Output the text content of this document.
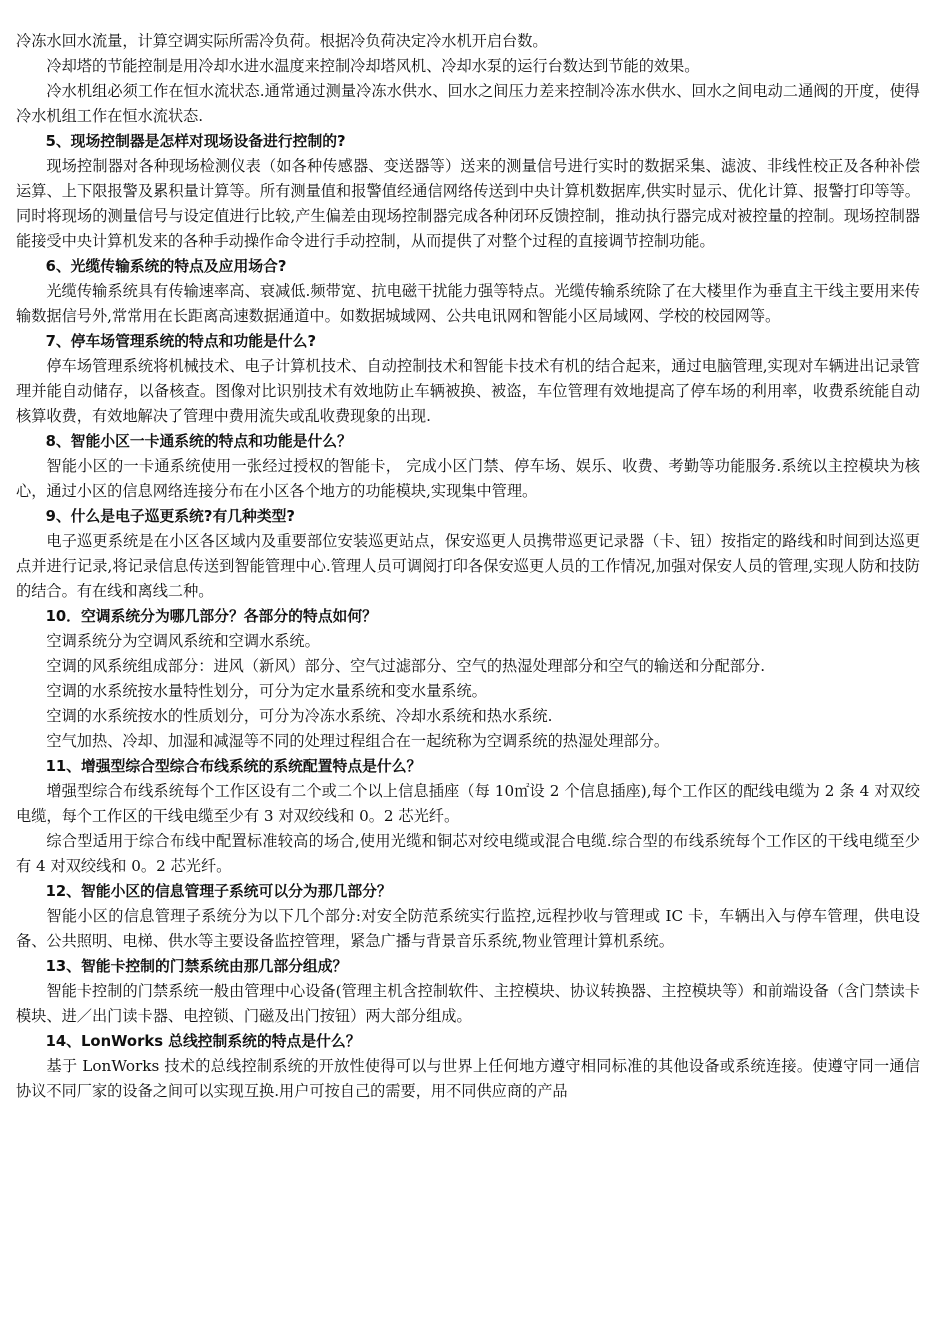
冷冻水回水流量，计算空调实际所需冷负荷。根据冷负荷决定冷水机开启台数。

冷却塔的节能控制是用冷却水进水温度来控制冷却塔风机、冷却水泵的运行台数达到节能的效果。

冷水机组必须工作在恒水流状态.通常通过测量冷冻水供水、回水之间压力差来控制冷冻水供水、回水之间电动二通阀的开度，使得冷水机组工作在恒水流状态.

5、现场控制器是怎样对现场设备进行控制的?

现场控制器对各种现场检测仪表（如各种传感器、变送器等）送来的测量信号进行实时的数据采集、滤波、非线性校正及各种补偿运算、上下限报警及累积量计算等。所有测量值和报警值经通信网络传送到中央计算机数据库,供实时显示、优化计算、报警打印等等。同时将现场的测量信号与设定值进行比较,产生偏差由现场控制器完成各种闭环反馈控制，推动执行器完成对被控量的控制。现场控制器能接受中央计算机发来的各种手动操作命令进行手动控制，从而提供了对整个过程的直接调节控制功能。

6、光缆传输系统的特点及应用场合?

光缆传输系统具有传输速率高、衰减低.频带宽、抗电磁干扰能力强等特点。光缆传输系统除了在大楼里作为垂直主干线主要用来传输数据信号外,常常用在长距离高速数据通道中。如数据城域网、公共电讯网和智能小区局域网、学校的校园网等。

7、停车场管理系统的特点和功能是什么?

停车场管理系统将机械技术、电子计算机技术、自动控制技术和智能卡技术有机的结合起来，通过电脑管理,实现对车辆进出记录管理并能自动储存，以备核查。图像对比识别技术有效地防止车辆被换、被盗，车位管理有效地提高了停车场的利用率，收费系统能自动核算收费，有效地解决了管理中费用流失或乱收费现象的出现.

8、智能小区一卡通系统的特点和功能是什么？

智能小区的一卡通系统使用一张经过授权的智能卡， 完成小区门禁、停车场、娱乐、收费、考勤等功能服务.系统以主控模块为核心，通过小区的信息网络连接分布在小区各个地方的功能模块,实现集中管理。

9、什么是电子巡更系统?有几种类型?

电子巡更系统是在小区各区域内及重要部位安装巡更站点，保安巡更人员携带巡更记录器（卡、钮）按指定的路线和时间到达巡更点并进行记录,将记录信息传送到智能管理中心.管理人员可调阅打印各保安巡更人员的工作情况,加强对保安人员的管理,实现人防和技防的结合。有在线和离线二种。

10．空调系统分为哪几部分？各部分的特点如何？

空调系统分为空调风系统和空调水系统。

空调的风系统组成部分：进风（新风）部分、空气过滤部分、空气的热湿处理部分和空气的输送和分配部分.

空调的水系统按水量特性划分，可分为定水量系统和变水量系统。

空调的水系统按水的性质划分，可分为冷冻水系统、冷却水系统和热水系统.

空气加热、冷却、加湿和减湿等不同的处理过程组合在一起统称为空调系统的热湿处理部分。

11、增强型综合型综合布线系统的系统配置特点是什么？

增强型综合布线系统每个工作区设有二个或二个以上信息插座（每 10㎡设 2 个信息插座),每个工作区的配线电缆为 2 条 4 对双绞电缆，每个工作区的干线电缆至少有 3 对双绞线和 0。2 芯光纤。

综合型适用于综合布线中配置标准较高的场合,使用光缆和铜芯对绞电缆或混合电缆.综合型的布线系统每个工作区的干线电缆至少有 4 对双绞线和 0。2 芯光纤。

12、智能小区的信息管理子系统可以分为那几部分？

智能小区的信息管理子系统分为以下几个部分:对安全防范系统实行监控,远程抄收与管理或 IC 卡，车辆出入与停车管理，供电设备、公共照明、电梯、供水等主要设备监控管理，紧急广播与背景音乐系统,物业管理计算机系统。

13、智能卡控制的门禁系统由那几部分组成？

智能卡控制的门禁系统一般由管理中心设备(管理主机含控制软件、主控模块、协议转换器、主控模块等）和前端设备（含门禁读卡模块、进／出门读卡器、电控锁、门磁及出门按钮）两大部分组成。

14、LonWorks 总线控制系统的特点是什么？

基于 LonWorks 技术的总线控制系统的开放性使得可以与世界上任何地方遵守相同标准的其他设备或系统连接。使遵守同一通信协议不同厂家的设备之间可以实现互换.用户可按自己的需要，用不同供应商的产品
